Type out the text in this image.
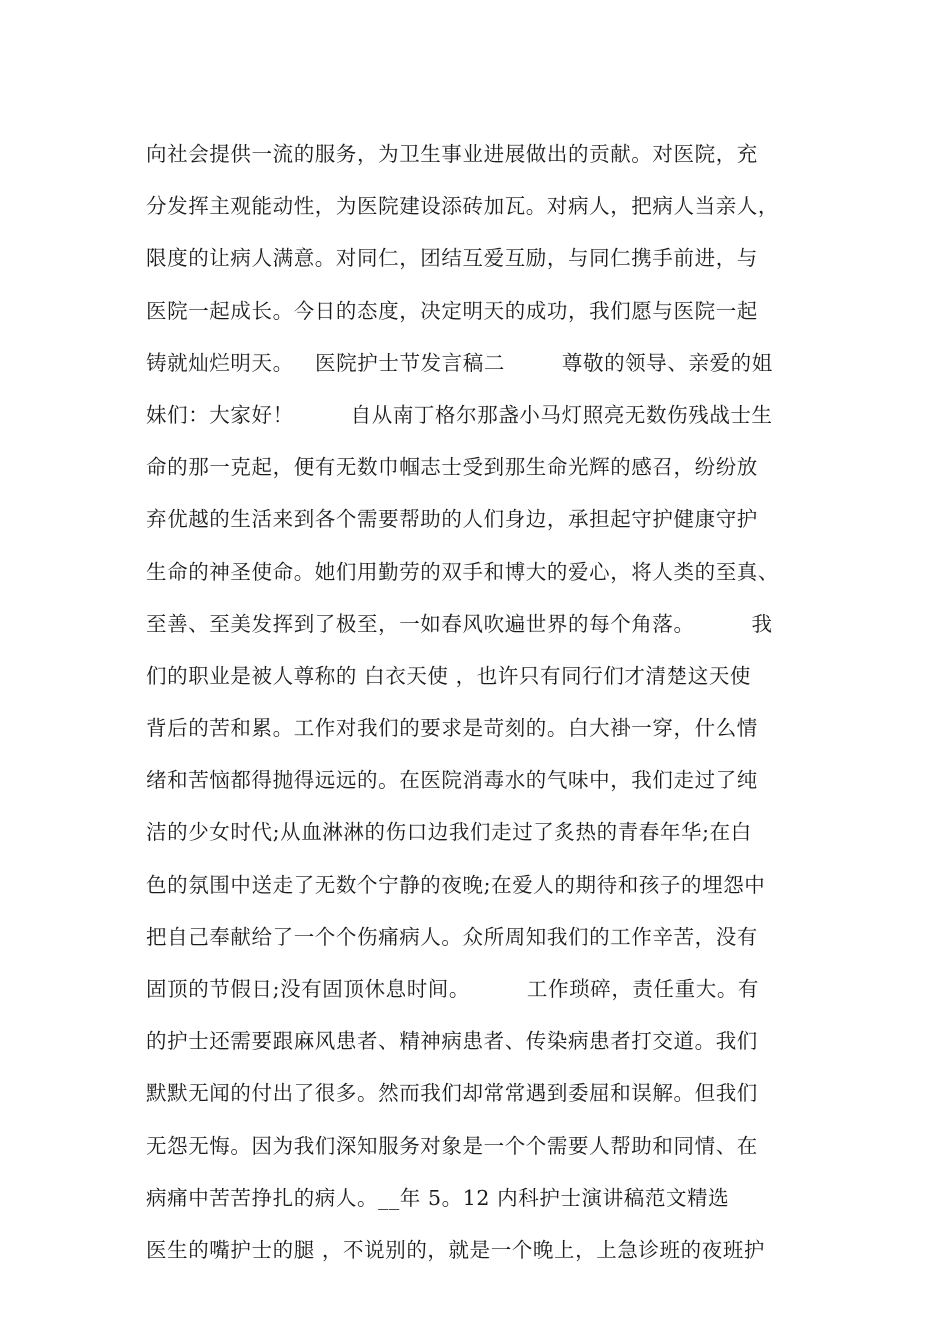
向社会提供一流的服务，为卫生事业进展做出的贡献。对医院，充
分发挥主观能动性，为医院建设添砖加瓦。对病人，把病人当亲人，
限度的让病人满意。对同仁，团结互爱互励，与同仁携手前进，与
医院一起成长。今日的态度，决定明天的成功，我们愿与医院一起
铸就灿烂明天。   医院护士节发言稿二        尊敬的领导、亲爱的姐
妹们：大家好！        自从南丁格尔那盏小马灯照亮无数伤残战士生
命的那一克起，便有无数巾帼志士受到那生命光辉的感召，纷纷放
弃优越的生活来到各个需要帮助的人们身边，承担起守护健康守护
生命的神圣使命。她们用勤劳的双手和博大的爱心，将人类的至真、
至善、至美发挥到了极至，一如春风吹遍世界的每个角落。        我
们的职业是被人尊称的 白衣天使 ，也许只有同行们才清楚这天使
背后的苦和累。工作对我们的要求是苛刻的。白大褂一穿，什么情
绪和苦恼都得抛得远远的。在医院消毒水的气味中，我们走过了纯
洁的少女时代;从血淋淋的伤口边我们走过了炙热的青春年华;在白
色的氛围中送走了无数个宁静的夜晚;在爱人的期待和孩子的埋怨中
把自己奉献给了一个个伤痛病人。众所周知我们的工作辛苦，没有
固顶的节假日;没有固顶休息时间。        工作琐碎，责任重大。有
的护士还需要跟麻风患者、精神病患者、传染病患者打交道。我们
默默无闻的付出了很多。然而我们却常常遇到委屈和误解。但我们
无怨无悔。因为我们深知服务对象是一个个需要人帮助和同情、在
病痛中苦苦挣扎的病人。__年 5。12 内科护士演讲稿范文精选
医生的嘴护士的腿 ，不说别的，就是一个晚上，上急诊班的夜班护
